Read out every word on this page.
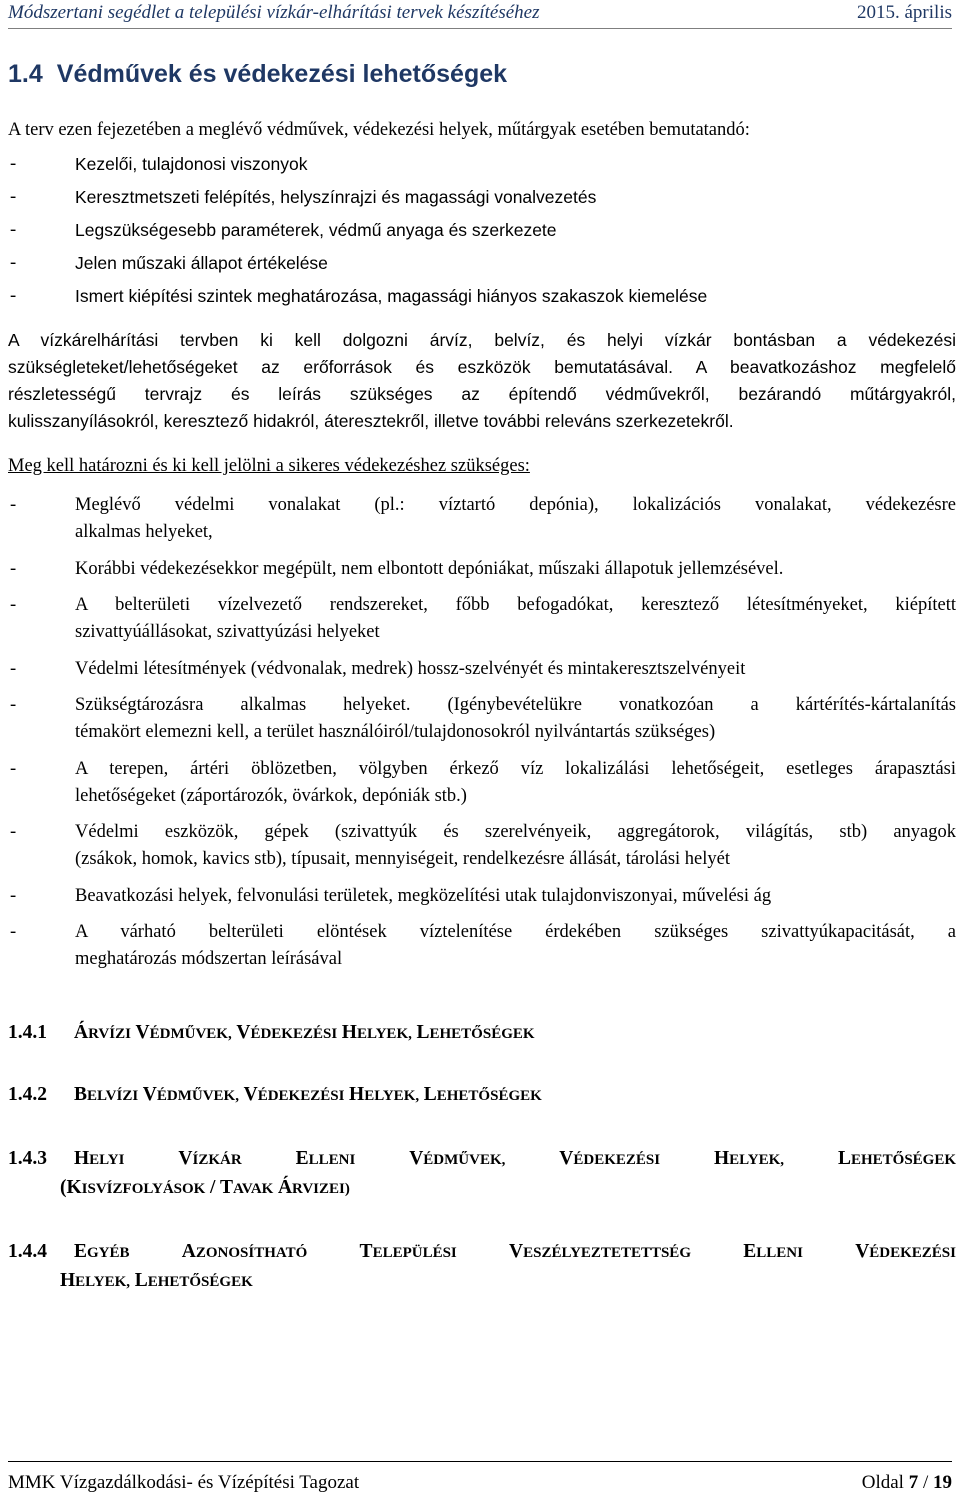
Módszertani segédlet a települési vízkár-elhárítási tervek készítéséhez	2015. április
1.4 Védművek és védekezési lehetőségek
A terv ezen fejezetében a meglévő védművek, védekezési helyek, műtárgyak esetében bemutatandó:
-	Kezelői, tulajdonosi viszonyok
-	Keresztmetszeti felépítés, helyszínrajzi és magassági vonalvezetés
-	Legszükségesebb paraméterek, védmű anyaga és szerkezete
-	Jelen műszaki állapot értékelése
-	Ismert kiépítési szintek meghatározása, magassági hiányos szakaszok kiemelése
A vízkárelhárítási tervben ki kell dolgozni árvíz, belvíz, és helyi vízkár bontásban a védekezési
szükségleteket/lehetőségeket az erőforrások és eszközök bemutatásával. A beavatkozáshoz megfelelő
részletességű tervrajz és leírás szükséges az építendő védművekről, bezárandó műtárgyakról,
kulisszanyílásokról, keresztező hidakról, áteresztekről, illetve további releváns szerkezetekről.
Meg kell határozni és ki kell jelölni a sikeres védekezéshez szükséges:
-	Meglévő védelmi vonalakat (pl.: víztartó depónia), lokalizációs vonalakat, védekezésre
alkalmas helyeket,
-	Korábbi védekezésekkor megépült, nem elbontott depóniákat, műszaki állapotuk jellemzésével.
-	A belterületi vízelvezető rendszereket, főbb befogadókat, keresztező létesítményeket, kiépített
szivattyúállásokat, szivattyúzási helyeket
-	Védelmi létesítmények (védvonalak, medrek) hossz-szelvényét és mintakeresztszelvényeit
-	Szükségtározásra alkalmas helyeket. (Igénybevételükre vonatkozóan a kártérítés-kártalanítás
témakört elemezni kell, a terület használóiról/tulajdonosokról nyilvántartás szükséges)
-	A terepen, ártéri öblözetben, völgyben érkező víz lokalizálási lehetőségeit, esetleges árapasztási
lehetőségeket (záportározók, övárkok, depóniák stb.)
-	Védelmi eszközök, gépek (szivattyúk és szerelvényeik, aggregátorok, világítás, stb) anyagok
(zsákok, homok, kavics stb), típusait, mennyiségeit, rendelkezésre állását, tárolási helyét
-	Beavatkozási helyek, felvonulási területek, megközelítési utak tulajdonviszonyai, művelési ág
-	A várható belterületi elöntések víztelenítése érdekében szükséges szivattyúkapacitását, a
meghatározás módszertan leírásával
1.4.1 ÁRVÍZI VÉDMŰVEK, VÉDEKEZÉSI HELYEK, LEHETŐSÉGEK
1.4.2 BELVÍZI VÉDMŰVEK, VÉDEKEZÉSI HELYEK, LEHETŐSÉGEK
1.4.3 HELYI	VÍZKÁR	ELLENI	VÉDMŰVEK,	VÉDEKEZÉSI	HELYEK,	LEHETŐSÉGEK
(KISVÍZFOLYÁSOK / TAVAK ÁRVIZEI)
1.4.4 EGYÉB	AZONOSÍTHATÓ	TELEPÜLÉSI	VESZÉLYEZTETETTSÉG	ELLENI	VÉDEKEZÉSI
HELYEK, LEHETŐSÉGEK
MMK Vízgazdálkodási- és Vízépítési Tagozat	Oldal 7 / 19
